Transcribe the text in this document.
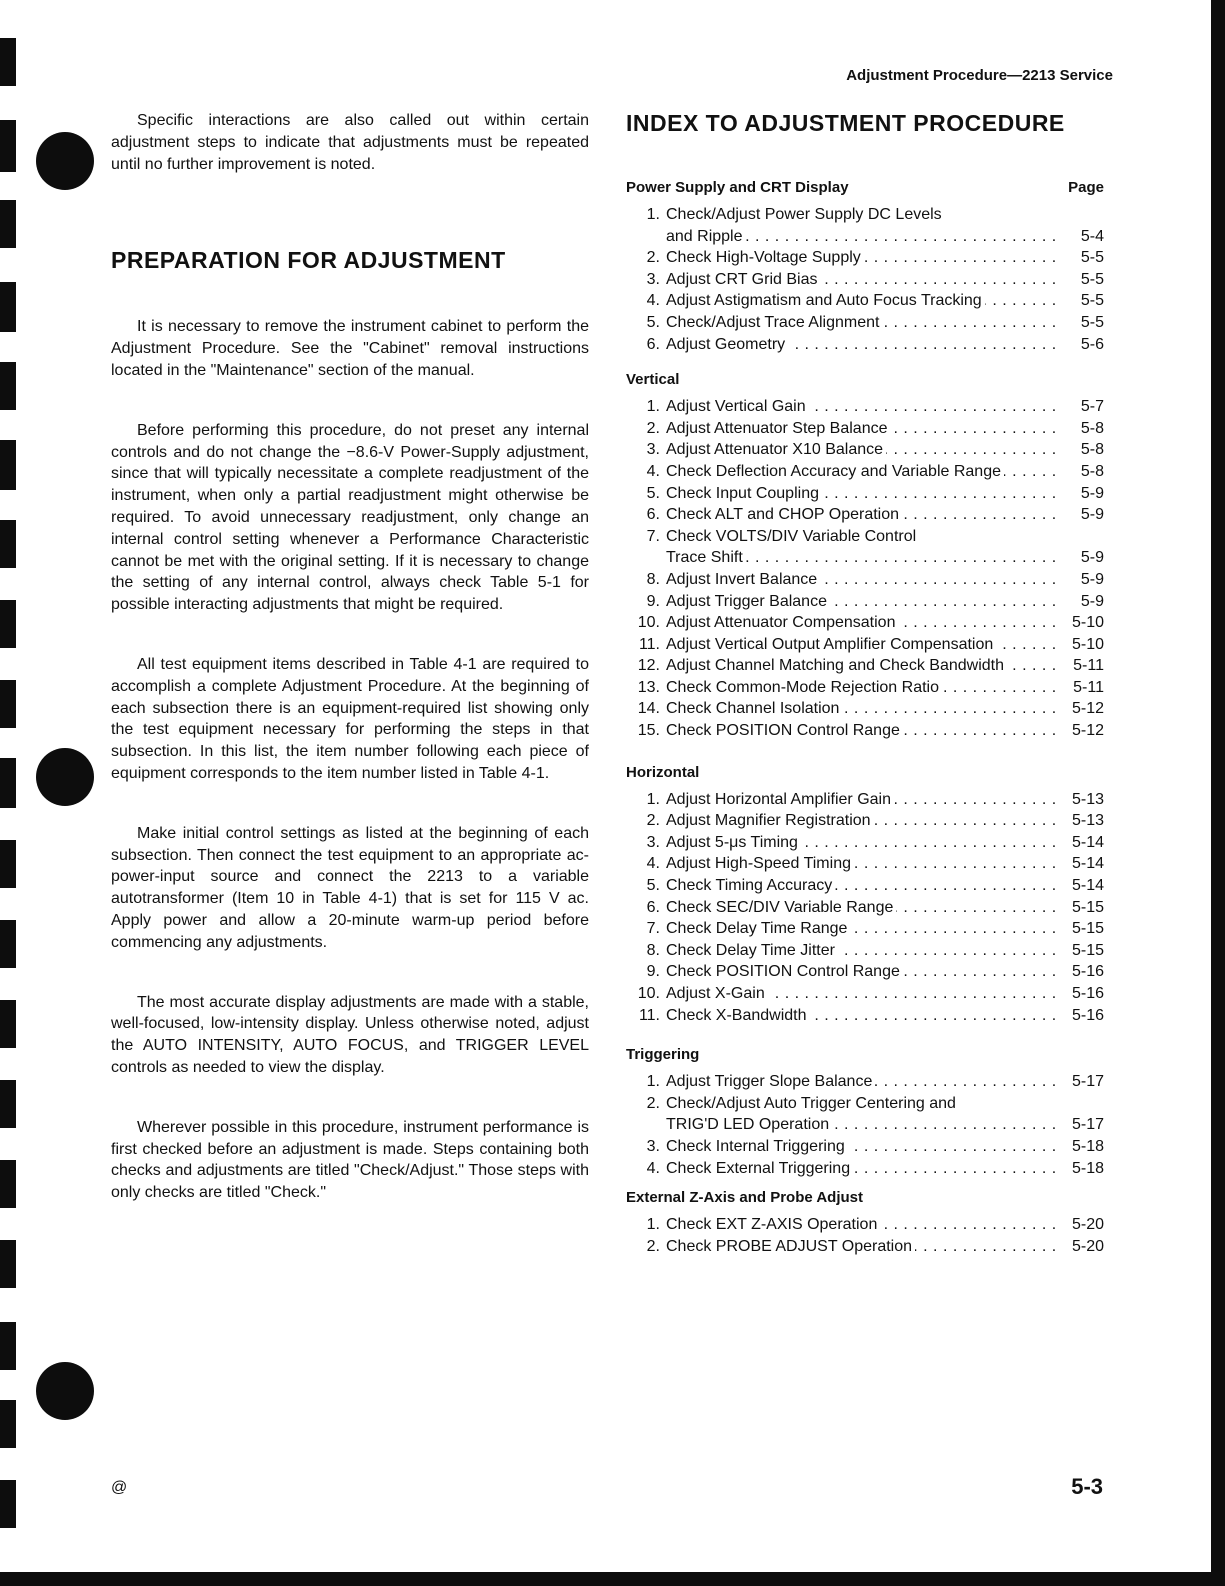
Adjustment Procedure—2213 Service

Specific interactions are also called out within certain adjustment steps to indicate that adjustments must be repeated until no further improvement is noted.

PREPARATION FOR ADJUSTMENT

It is necessary to remove the instrument cabinet to perform the Adjustment Procedure. See the "Cabinet" removal instructions located in the "Maintenance" section of the manual.

Before performing this procedure, do not preset any internal controls and do not change the −8.6-V Power-Supply adjustment, since that will typically necessitate a complete readjustment of the instrument, when only a partial readjustment might otherwise be required. To avoid unnecessary readjustment, only change an internal control setting whenever a Performance Characteristic cannot be met with the original setting. If it is necessary to change the setting of any internal control, always check Table 5-1 for possible interacting adjustments that might be required.

All test equipment items described in Table 4-1 are required to accomplish a complete Adjustment Procedure. At the beginning of each subsection there is an equipment-required list showing only the test equipment necessary for performing the steps in that subsection. In this list, the item number following each piece of equipment corresponds to the item number listed in Table 4-1.

Make initial control settings as listed at the beginning of each subsection. Then connect the test equipment to an appropriate ac-power-input source and connect the 2213 to a variable autotransformer (Item 10 in Table 4-1) that is set for 115 V ac. Apply power and allow a 20-minute warm-up period before commencing any adjustments.

The most accurate display adjustments are made with a stable, well-focused, low-intensity display. Unless otherwise noted, adjust the AUTO INTENSITY, AUTO FOCUS, and TRIGGER LEVEL controls as needed to view the display.

Wherever possible in this procedure, instrument performance is first checked before an adjustment is made. Steps containing both checks and adjustments are titled "Check/Adjust." Those steps with only checks are titled "Check."

INDEX TO ADJUSTMENT PROCEDURE
Power Supply and CRT Display	Page
1. Check/Adjust Power Supply DC Levels
and Ripple . . .	5-4
2. Check High-Voltage Supply . . .	5-5
3. Adjust CRT Grid Bias . . .	5-5
4. Adjust Astigmatism and Auto Focus Tracking . . .	5-5
5. Check/Adjust Trace Alignment . . .	5-5
6. Adjust Geometry . . .	5-6
Vertical
1. Adjust Vertical Gain . . .	5-7
2. Adjust Attenuator Step Balance . . .	5-8
3. Adjust Attenuator X10 Balance . . .	5-8
4. Check Deflection Accuracy and Variable Range . . .	5-8
5. Check Input Coupling . . .	5-9
6. Check ALT and CHOP Operation . . .	5-9
7. Check VOLTS/DIV Variable Control
Trace Shift . . .	5-9
8. Adjust Invert Balance . . .	5-9
9. Adjust Trigger Balance . . .	5-9
10. Adjust Attenuator Compensation . . .	5-10
11. Adjust Vertical Output Amplifier Compensation . . .	5-10
12. Adjust Channel Matching and Check Bandwidth . . .	5-11
13. Check Common-Mode Rejection Ratio . . .	5-11
14. Check Channel Isolation . . .	5-12
15. Check POSITION Control Range . . .	5-12
Horizontal
1. Adjust Horizontal Amplifier Gain . . .	5-13
2. Adjust Magnifier Registration . . .	5-13
3. Adjust 5-μs Timing . . .	5-14
4. Adjust High-Speed Timing . . .	5-14
5. Check Timing Accuracy . . .	5-14
6. Check SEC/DIV Variable Range . . .	5-15
7. Check Delay Time Range . . .	5-15
8. Check Delay Time Jitter . . .	5-15
9. Check POSITION Control Range . . .	5-16
10. Adjust X-Gain . . .	5-16
11. Check X-Bandwidth . . .	5-16
Triggering
1. Adjust Trigger Slope Balance . . .	5-17
2. Check/Adjust Auto Trigger Centering and
TRIG'D LED Operation . . .	5-17
3. Check Internal Triggering . . .	5-18
4. Check External Triggering . . .	5-18
External Z-Axis and Probe Adjust
1. Check EXT Z-AXIS Operation . . .	5-20
2. Check PROBE ADJUST Operation . . .	5-20
@	5-3
